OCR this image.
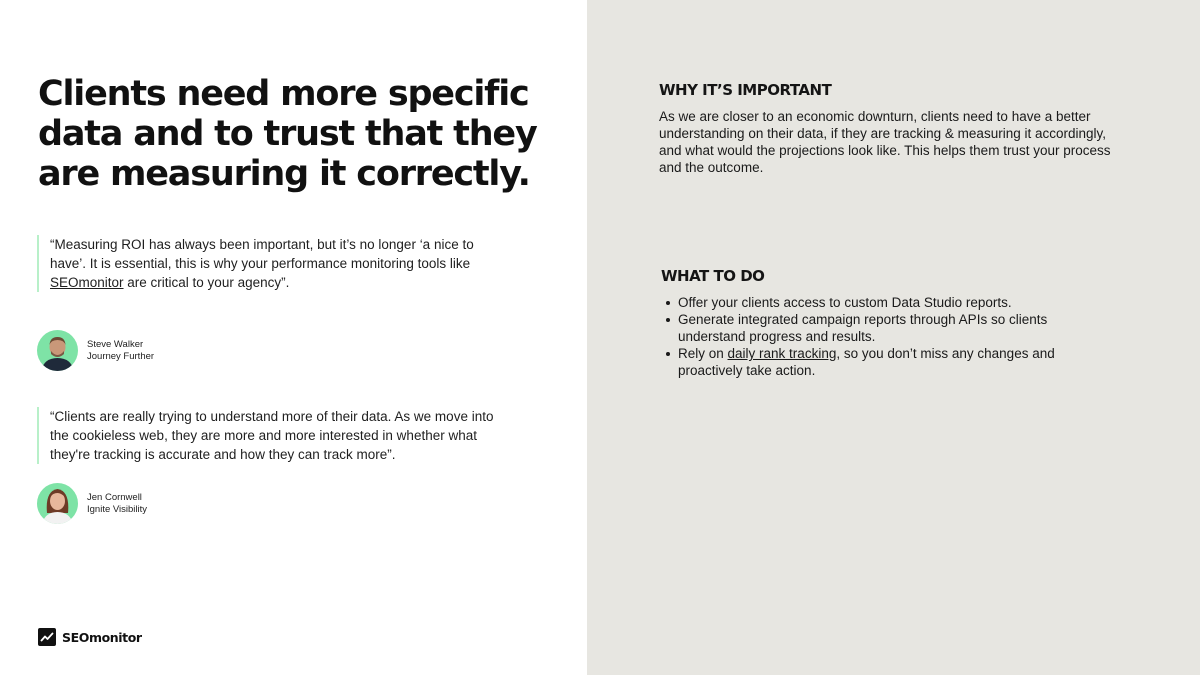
Clients need more specific data and to trust that they are measuring it correctly.
“Measuring ROI has always been important, but it’s no longer ‘a nice to have’. It is essential, this is why your performance monitoring tools like SEOmonitor are critical to your agency”.
Steve Walker
Journey Further
“Clients are really trying to understand more of their data. As we move into the cookieless web, they are more and more interested in whether what they're tracking is accurate and how they can track more”.
Jen Cornwell
Ignite Visibility
SEOmonitor
WHY IT’S IMPORTANT

As we are closer to an economic downturn, clients need to have a better understanding on their data, if they are tracking & measuring it accordingly, and what would the projections look like. This helps them trust your process and the outcome.

WHAT TO DO
Offer your clients access to custom Data Studio reports.
Generate integrated campaign reports through APIs so clients understand progress and results.
Rely on daily rank tracking, so you don’t miss any changes and proactively take action.
